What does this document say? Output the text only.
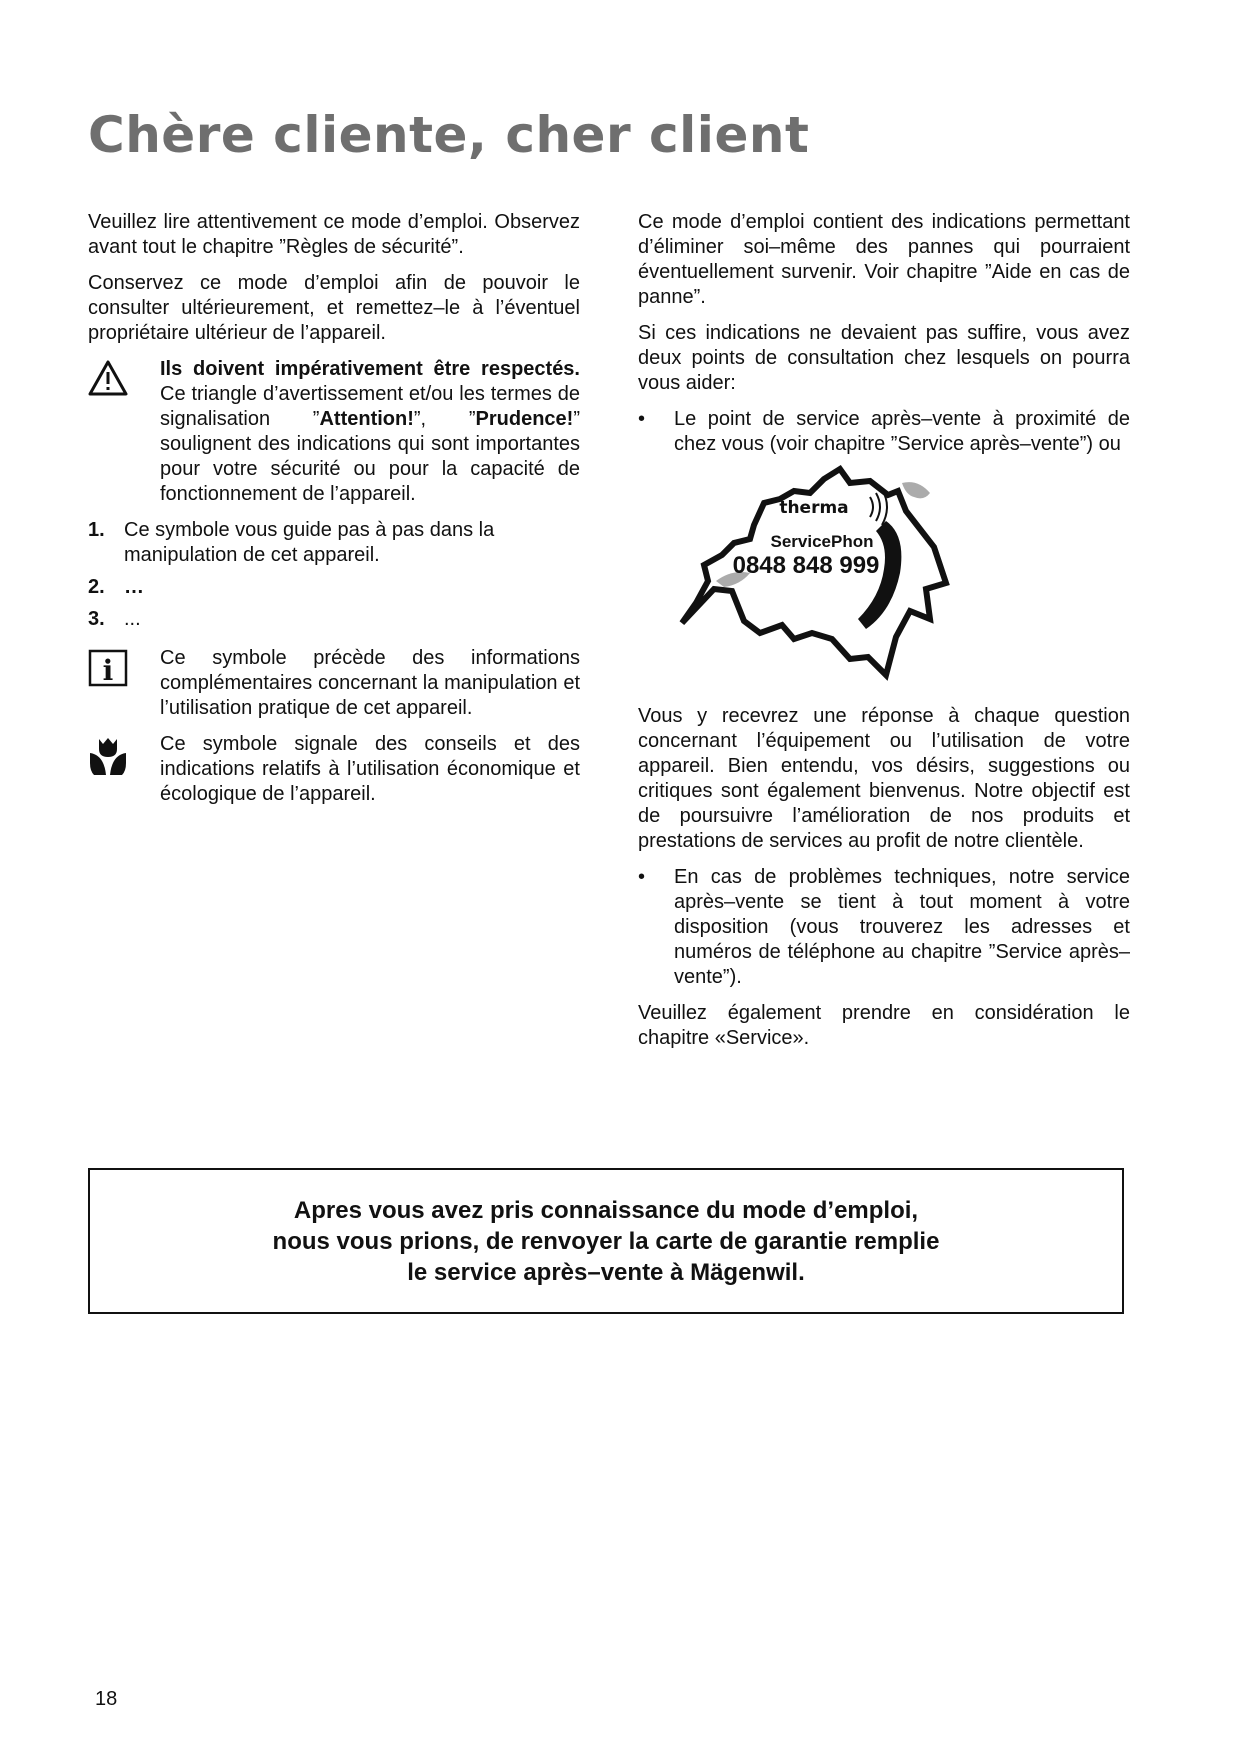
Chère cliente, cher client

Veuillez lire attentivement ce mode d’emploi. Observez avant tout le chapitre ”Règles de sécurité”.

Conservez ce mode d’emploi afin de pouvoir le consulter ultérieurement, et remettez–le à l’éventuel propriétaire ultérieur de l’appareil.

Ils doivent impérativement être respectés. Ce triangle d’avertissement et/ou les termes de signalisation ”Attention!”, ”Prudence!” soulignent des indications qui sont importantes pour votre sécurité ou pour la capacité de fonctionnement de l’appareil.
1. Ce symbole vous guide pas à pas dans la manipulation de cet appareil.
2. …
3. ...
i Ce symbole précède des informations complémentaires concernant la manipulation et l’utilisation pratique de cet appareil.
Ce symbole signale des conseils et des indications relatifs à l’utilisation économique et écologique de l’appareil.

Ce mode d’emploi contient des indications permettant d’éliminer soi–même des pannes qui pourraient éventuellement survenir. Voir chapitre ”Aide en cas de panne”.

Si ces indications ne devaient pas suffire, vous avez deux points de consultation chez lesquels on pourra vous aider:

•	Le point de service après–vente à proximité de chez vous (voir chapitre ”Service après–vente”) ou
therma
ServicePhon
0848 848 999

Vous y recevrez une réponse à chaque question concernant l’équipement ou l’utilisation de votre appareil. Bien entendu, vos désirs, suggestions ou critiques sont également bienvenus. Notre objectif est de poursuivre l’amélioration de nos produits et prestations de services au profit de notre clientèle.

•	En cas de problèmes techniques, notre service après–vente se tient à tout moment à votre disposition (vous trouverez les adresses et numéros de téléphone au chapitre ”Service après–vente”).

Veuillez également prendre en considération le chapitre «Service».

Apres vous avez pris connaissance du mode d’emploi,
nous vous prions, de renvoyer la carte de garantie remplie
le service après–vente à Mägenwil.
18
